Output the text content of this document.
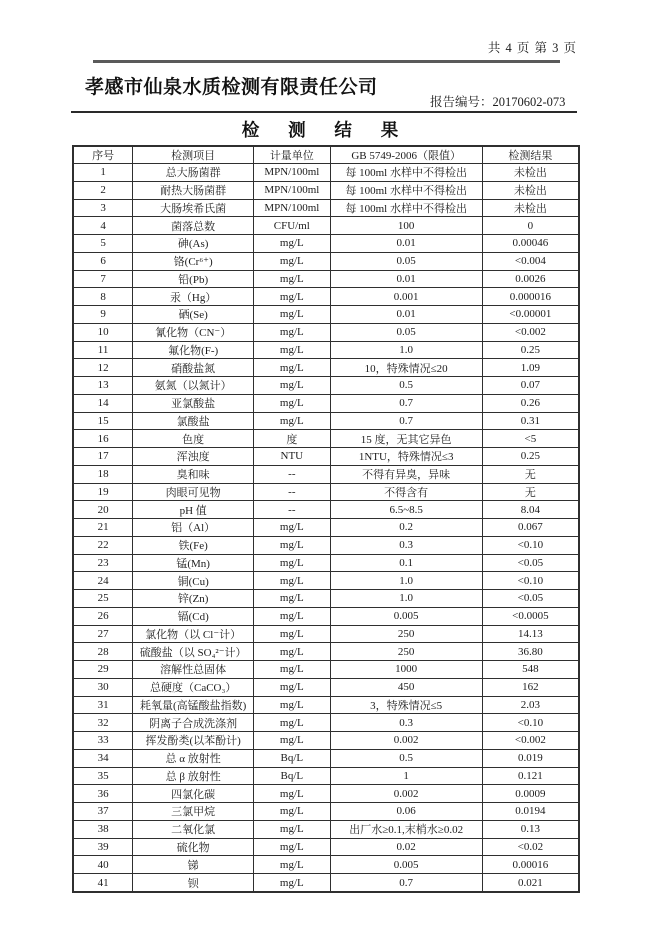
共 4 页 第 3 页
孝感市仙泉水质检测有限责任公司
报告编号：20170602-073
检 测 结 果
序号	检测项目	计量单位	GB 5749-2006（限值）	检测结果
1	总大肠菌群	MPN/100ml	每 100ml 水样中不得检出	未检出
2	耐热大肠菌群	MPN/100ml	每 100ml 水样中不得检出	未检出
3	大肠埃希氏菌	MPN/100ml	每 100ml 水样中不得检出	未检出
4	菌落总数	CFU/ml	100	0
5	砷(As)	mg/L	0.01	0.00046
6	铬(Cr⁶⁺)	mg/L	0.05	<0.004
7	铅(Pb)	mg/L	0.01	0.0026
8	汞（Hg）	mg/L	0.001	0.000016
9	硒(Se)	mg/L	0.01	<0.00001
10	氰化物（CN⁻）	mg/L	0.05	<0.002
11	氟化物(F-)	mg/L	1.0	0.25
12	硝酸盐氮	mg/L	10，特殊情况≤20	1.09
13	氨氮（以氮计）	mg/L	0.5	0.07
14	亚氯酸盐	mg/L	0.7	0.26
15	氯酸盐	mg/L	0.7	0.31
16	色度	度	15 度，无其它异色	<5
17	浑浊度	NTU	1NTU，特殊情况≤3	0.25
18	臭和味	--	不得有异臭，异味	无
19	肉眼可见物	--	不得含有	无
20	pH 值	--	6.5~8.5	8.04
21	铝（Al）	mg/L	0.2	0.067
22	铁(Fe)	mg/L	0.3	<0.10
23	锰(Mn)	mg/L	0.1	<0.05
24	铜(Cu)	mg/L	1.0	<0.10
25	锌(Zn)	mg/L	1.0	<0.05
26	镉(Cd)	mg/L	0.005	<0.0005
27	氯化物（以 Cl⁻计）	mg/L	250	14.13
28	硫酸盐（以 SO₄²⁻计）	mg/L	250	36.80
29	溶解性总固体	mg/L	1000	548
30	总硬度（CaCO₃）	mg/L	450	162
31	耗氧量(高锰酸盐指数)	mg/L	3，特殊情况≤5	2.03
32	阴离子合成洗涤剂	mg/L	0.3	<0.10
33	挥发酚类(以苯酚计)	mg/L	0.002	<0.002
34	总 α 放射性	Bq/L	0.5	0.019
35	总 β 放射性	Bq/L	1	0.121
36	四氯化碳	mg/L	0.002	0.0009
37	三氯甲烷	mg/L	0.06	0.0194
38	二氧化氯	mg/L	出厂水≥0.1,末梢水≥0.02	0.13
39	硫化物	mg/L	0.02	<0.02
40	锑	mg/L	0.005	0.00016
41	钡	mg/L	0.7	0.021
